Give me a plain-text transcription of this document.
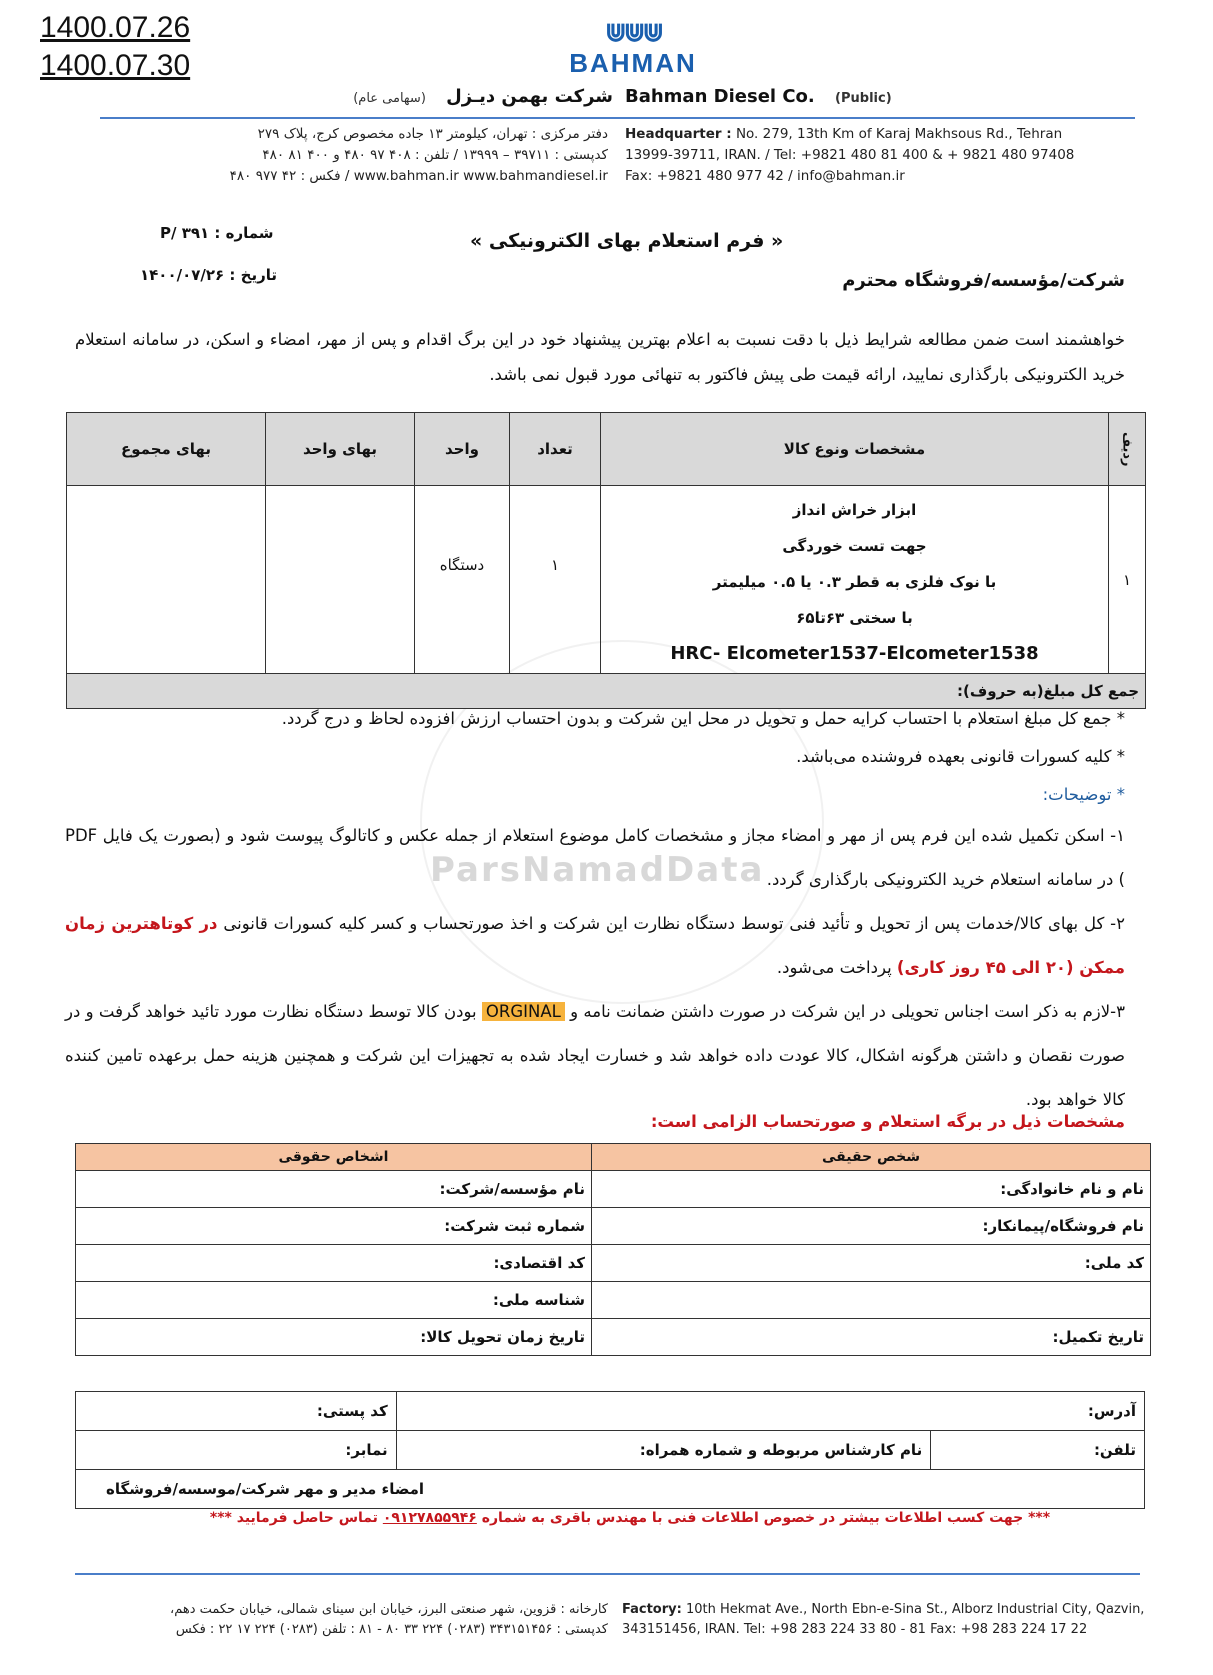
1400.07.26
1400.07.30
⋓⋓⋓
BAHMAN
Bahman Diesel Co. (Public)
شرکت بهمن دیـزل (سهامی عام)
Headquarter : No. 279, 13th Km of Karaj Makhsous Rd., Tehran
13999-39711, IRAN. / Tel: +9821 480 81 400 & + 9821 480 97408
Fax: +9821 480 977 42 / info@bahman.ir
دفتر مرکزی : تهران، کیلومتر ۱۳ جاده مخصوص کرج، پلاک ۲۷۹
کدپستی : ۳۹۷۱۱ – ۱۳۹۹۹ / تلفن : ۴۰۸ ۹۷ ۴۸۰ و ۴۰۰ ۸۱ ۴۸۰
www.bahman.ir www.bahmandiesel.ir / فکس : ۴۲ ۹۷۷ ۴۸۰
« فرم استعلام بهای الکترونیکی »
شماره : ۳۹۱ /P
تاریخ : ۱۴۰۰/۰۷/۲۶	شرکت/مؤسسه/فروشگاه محترم
خواهشمند است ضمن مطالعه شرایط ذیل با دقت نسبت به اعلام بهترین پیشنهاد خود در این برگ اقدام و پس از مهر، امضاء و اسکن، در سامانه استعلام خرید الکترونیکی بارگذاری نمایید، ارائه قیمت طی پیش فاکتور به تنهائی مورد قبول نمی باشد.
ParsNamadData
ردیف	مشخصات ونوع کالا	تعداد	واحد	بهای واحد	بهای مجموع
۱	ابزار خراش انداز
جهت تست خوردگی
با نوک فلزی به قطر ۰.۳ یا ۰.۵ میلیمتر
با سختی ۶۳تا۶۵
HRC- Elcometer1537-Elcometer1538	۱	دستگاه		
جمع کل مبلغ(به حروف):					
* جمع کل مبلغ استعلام با احتساب کرایه حمل و تحویل در محل این شرکت و بدون احتساب ارزش افزوده لحاظ و درج گردد.
* کلیه کسورات قانونی بعهده فروشنده می‌باشد.
* توضیحات:
۱- اسکن تکمیل شده این فرم پس از مهر و امضاء مجاز و مشخصات کامل موضوع استعلام از جمله عکس و کاتالوگ پیوست شود و (بصورت یک فایل PDF ) در سامانه استعلام خرید الکترونیکی بارگذاری گردد.
۲- کل بهای کالا/خدمات پس از تحویل و تأئید فنی توسط دستگاه نظارت این شرکت و اخذ صورتحساب و کسر کلیه کسورات قانونی در کوتاهترین زمان ممکن (۲۰ الی ۴۵ روز کاری) پرداخت می‌شود.
۳-لازم به ذکر است اجناس تحویلی در این شرکت در صورت داشتن ضمانت نامه و ORGINAL بودن کالا توسط دستگاه نظارت مورد تائید خواهد گرفت و در صورت نقصان و داشتن هرگونه اشکال، کالا عودت داده خواهد شد و خسارت ایجاد شده به تجهیزات این شرکت و همچنین هزینه حمل برعهده تامین کننده کالا خواهد بود.
مشخصات ذیل در برگه استعلام و صورتحساب الزامی است:
شخص حقیقی	اشخاص حقوقی
نام و نام خانوادگی:	نام مؤسسه/شرکت:
نام فروشگاه/پیمانکار:	شماره ثبت شرکت:
کد ملی:	کد اقتصادی:
	شناسه ملی:
تاریخ تکمیل:	تاریخ زمان تحویل کالا:
آدرس:		کد پستی:
تلفن:	نام کارشناس مربوطه و شماره همراه:	نمابر:
امضاء مدیر و مهر شرکت/موسسه/فروشگاه		
*** جهت کسب اطلاعات بیشتر در خصوص اطلاعات فنی با مهندس باقری به شماره ۰۹۱۲۷۸۵۵۹۴۶ تماس حاصل فرمایید ***
Factory: 10th Hekmat Ave., North Ebn-e-Sina St., Alborz Industrial City, Qazvin,
343151456, IRAN. Tel: +98 283 224 33 80 - 81 Fax: +98 283 224 17 22
کارخانه : قزوین، شهر صنعتی البرز، خیابان ابن سینای شمالی، خیابان حکمت دهم،
کدپستی : ۳۴۳۱۵۱۴۵۶ (۰۲۸۳) ۲۲۴ ۳۳ ۸۰ - ۸۱ : تلفن (۰۲۸۳) ۲۲۴ ۱۷ ۲۲ : فکس
